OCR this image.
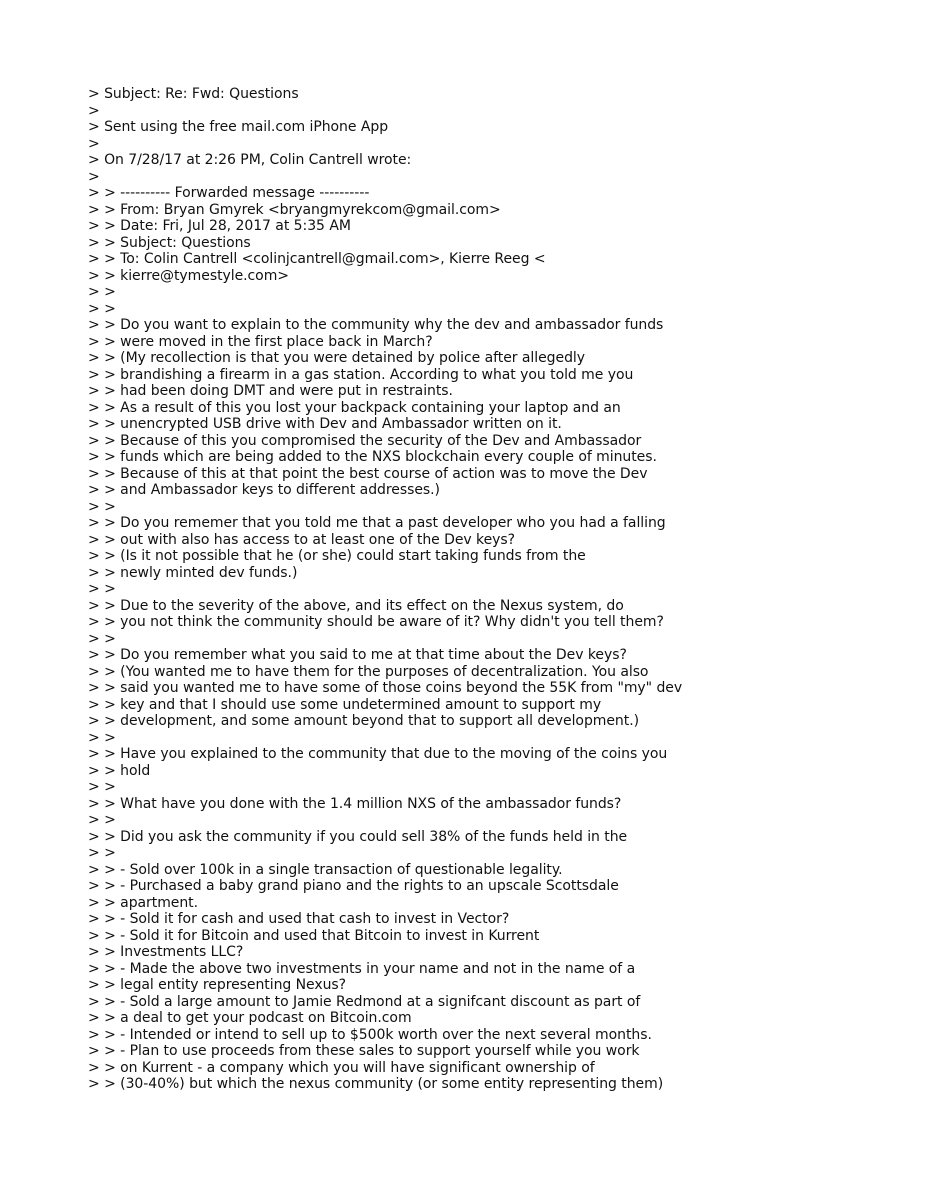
> Subject: Re: Fwd: Questions
>
> Sent using the free mail.com iPhone App
>
> On 7/28/17 at 2:26 PM, Colin Cantrell wrote:
>
> > ---------- Forwarded message ----------
> > From: Bryan Gmyrek <bryangmyrekcom@gmail.com>
> > Date: Fri, Jul 28, 2017 at 5:35 AM
> > Subject: Questions
> > To: Colin Cantrell <colinjcantrell@gmail.com>, Kierre Reeg <
> > kierre@tymestyle.com>
> >
> >
> > Do you want to explain to the community why the dev and ambassador funds
> > were moved in the first place back in March?
> > (My recollection is that you were detained by police after allegedly
> > brandishing a firearm in a gas station. According to what you told me you
> > had been doing DMT and were put in restraints.
> > As a result of this you lost your backpack containing your laptop and an
> > unencrypted USB drive with Dev and Ambassador written on it.
> > Because of this you compromised the security of the Dev and Ambassador
> > funds which are being added to the NXS blockchain every couple of minutes.
> > Because of this at that point the best course of action was to move the Dev
> > and Ambassador keys to different addresses.)
> >
> > Do you rememer that you told me that a past developer who you had a falling
> > out with also has access to at least one of the Dev keys?
> > (Is it not possible that he (or she) could start taking funds from the
> > newly minted dev funds.)
> >
> > Due to the severity of the above, and its effect on the Nexus system, do
> > you not think the community should be aware of it? Why didn't you tell them?
> >
> > Do you remember what you said to me at that time about the Dev keys?
> > (You wanted me to have them for the purposes of decentralization. You also
> > said you wanted me to have some of those coins beyond the 55K from "my" dev
> > key and that I should use some undetermined amount to support my
> > development, and some amount beyond that to support all development.)
> >
> > Have you explained to the community that due to the moving of the coins you
> > hold
> >
> > What have you done with the 1.4 million NXS of the ambassador funds?
> >
> > Did you ask the community if you could sell 38% of the funds held in the
> >
> > - Sold over 100k in a single transaction of questionable legality.
> > - Purchased a baby grand piano and the rights to an upscale Scottsdale
> > apartment.
> > - Sold it for cash and used that cash to invest in Vector?
> > - Sold it for Bitcoin and used that Bitcoin to invest in Kurrent
> > Investments LLC?
> > - Made the above two investments in your name and not in the name of a
> > legal entity representing Nexus?
> > - Sold a large amount to Jamie Redmond at a signifcant discount as part of
> > a deal to get your podcast on Bitcoin.com
> > - Intended or intend to sell up to $500k worth over the next several months.
> > - Plan to use proceeds from these sales to support yourself while you work
> > on Kurrent - a company which you will have significant ownership of
> > (30-40%) but which the nexus community (or some entity representing them)
